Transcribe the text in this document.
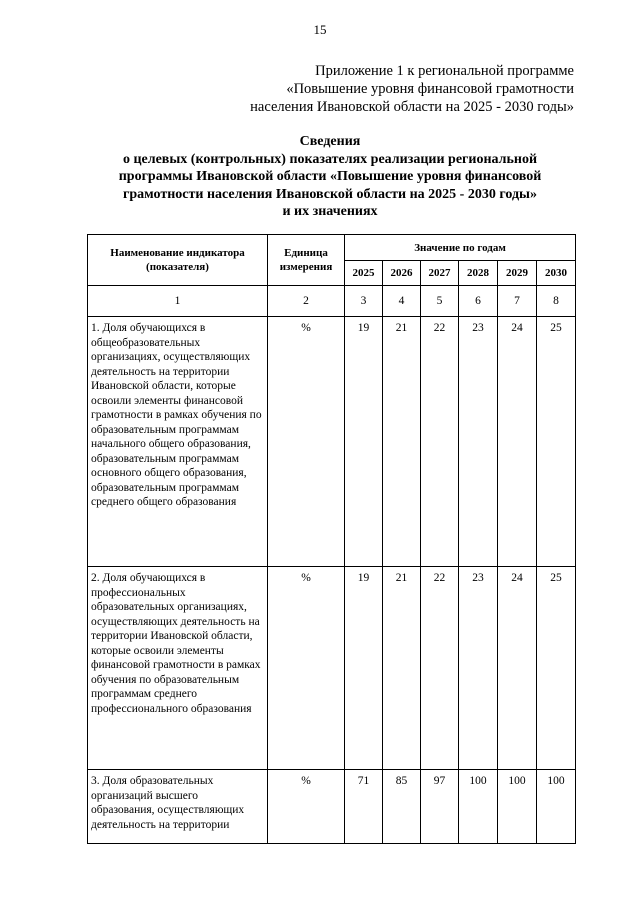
15
Приложение 1 к региональной программе
«Повышение уровня финансовой грамотности
населения Ивановской области на 2025 - 2030 годы»
Сведения
о целевых (контрольных) показателях реализации региональной
программы Ивановской области «Повышение уровня финансовой
грамотности населения Ивановской области на 2025 - 2030 годы»
и их значениях
Наименование индикатора (показателя)	Единица измерения	Значение по годам					
		2025	2026	2027	2028	2029	2030
1	2	3	4	5	6	7	8
1. Доля обучающихся в общеобразовательных организациях, осуществляющих деятельность на территории Ивановской области, которые освоили элементы финансовой грамотности в рамках обучения по образовательным программам начального общего образования, образовательным программам основного общего образования, образовательным программам среднего общего образования	%	19	21	22	23	24	25
2. Доля обучающихся в профессиональных образовательных организациях, осуществляющих деятельность на территории Ивановской области, которые освоили элементы финансовой грамотности в рамках обучения по образовательным программам среднего профессионального образования	%	19	21	22	23	24	25
3. Доля образовательных организаций высшего образования, осуществляющих деятельность на территории	%	71	85	97	100	100	100
